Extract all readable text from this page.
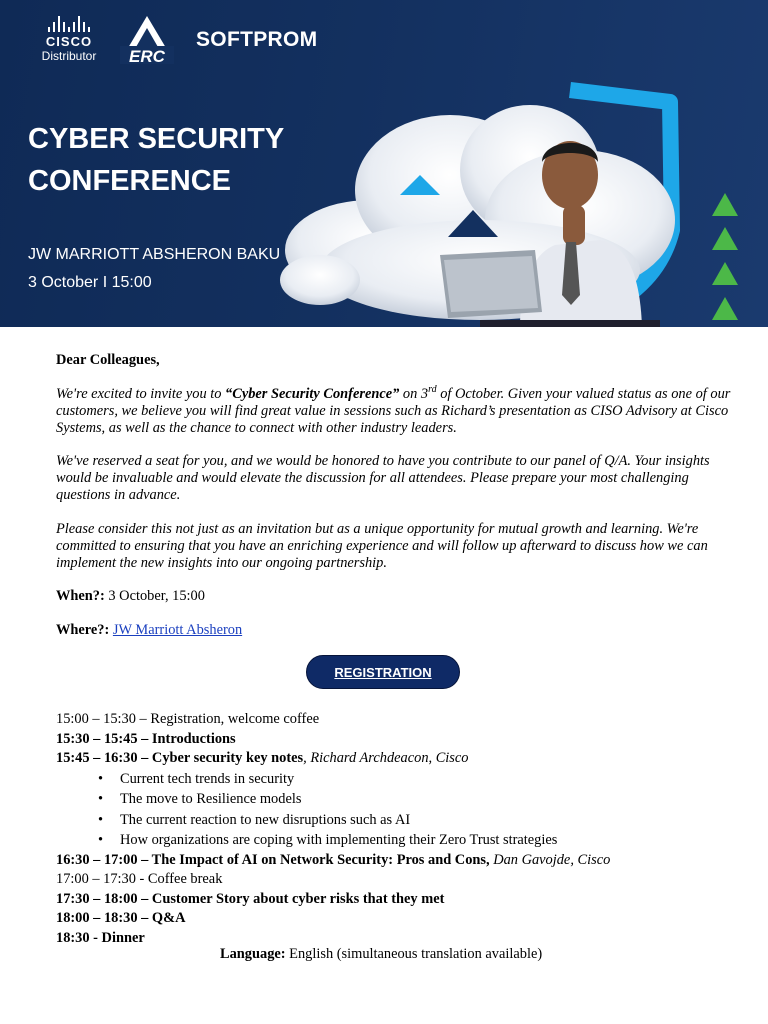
CISCO
Distributor	ERC
SOFTPROM
CYBER SECURITY
CONFERENCE
JW MARRIOTT ABSHERON BAKU
3 October I 15:00
Dear Colleagues,
We're excited to invite you to “Cyber Security Conference” on 3rd of October. Given your valued status as one of our customers, we believe you will find great value in sessions such as Richard’s presentation as CISO Advisory at Cisco Systems, as well as the chance to connect with other industry leaders.
We've reserved a seat for you, and we would be honored to have you contribute to our panel of Q/A. Your insights would be invaluable and would elevate the discussion for all attendees. Please prepare your most challenging questions in advance.
Please consider this not just as an invitation but as a unique opportunity for mutual growth and learning. We're committed to ensuring that you have an enriching experience and will follow up afterward to discuss how we can implement the new insights into our ongoing partnership.
When?: 3 October, 15:00
Where?: JW Marriott Absheron
REGISTRATION
15:00 – 15:30 – Registration, welcome coffee
15:30 – 15:45 – Introductions
15:45 – 16:30 – Cyber security key notes, Richard Archdeacon, Cisco
• Current tech trends in security
• The move to Resilience models
• The current reaction to new disruptions such as AI
• How organizations are coping with implementing their Zero Trust strategies
16:30 – 17:00 – The Impact of AI on Network Security: Pros and Cons, Dan Gavojde, Cisco
17:00 – 17:30 - Coffee break
17:30 – 18:00 – Customer Story about cyber risks that they met
18:00 – 18:30 – Q&A
18:30 - Dinner
Language: English (simultaneous translation available)
